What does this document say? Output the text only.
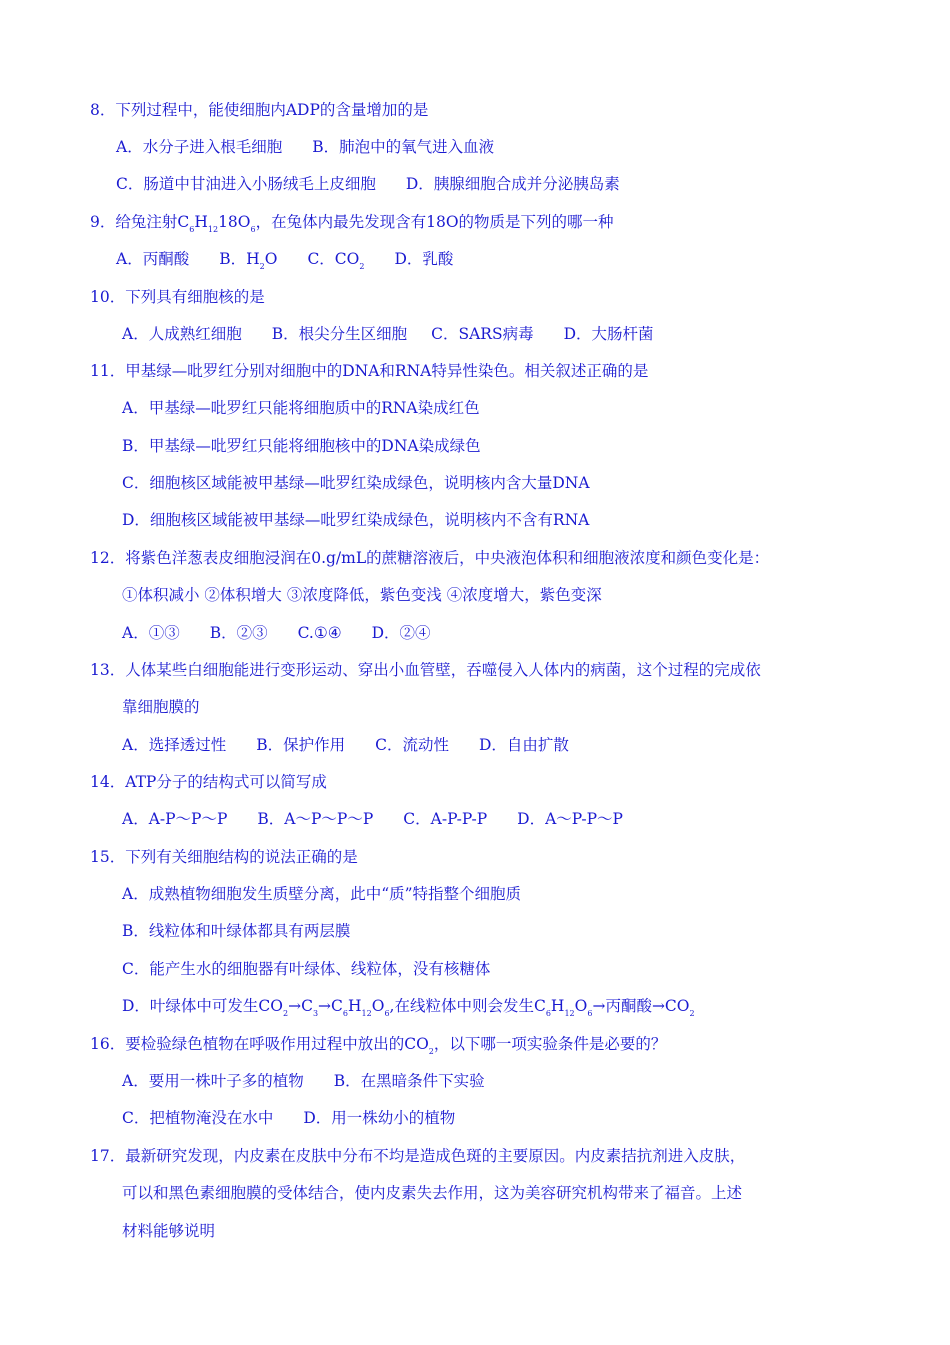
8．下列过程中，能使细胞内ADP的含量增加的是
A．水分子进入根毛细胞 B．肺泡中的氧气进入血液
C．肠道中甘油进入小肠绒毛上皮细胞 D．胰腺细胞合成并分泌胰岛素
9．给兔注射$C_6H_{12}18O_6$，在兔体内最先发现含有18O的物质是下列的哪一种
A．丙酮酸 B．$H_2O$ C．$CO_2$ D．乳酸
10．下列具有细胞核的是
A．人成熟红细胞 B．根尖分生区细胞 C．SARS病毒 D．大肠杆菌
11．甲基绿—吡罗红分别对细胞中的DNA和RNA特异性染色。相关叙述正确的是
A．甲基绿—吡罗红只能将细胞质中的RNA染成红色
B．甲基绿—吡罗红只能将细胞核中的DNA染成绿色
C．细胞核区域能被甲基绿—吡罗红染成绿色，说明核内含大量DNA
D．细胞核区域能被甲基绿—吡罗红染成绿色，说明核内不含有RNA
12．将紫色洋葱表皮细胞浸润在0.g/mL的蔗糖溶液后，中央液泡体积和细胞液浓度和颜色变化是：
①体积减小 ②体积增大 ③浓度降低，紫色变浅 ④浓度增大，紫色变深
A．①③ B．②③ C.①④ D．②④
13．人体某些白细胞能进行变形运动、穿出小血管壁，吞噬侵入人体内的病菌，这个过程的完成依
靠细胞膜的
A．选择透过性 B．保护作用 C．流动性 D．自由扩散
14．ATP分子的结构式可以简写成
A．A-P～P～P B．A～P～P～P C．A-P-P-P D．A～P-P～P
15．下列有关细胞结构的说法正确的是
A．成熟植物细胞发生质壁分离，此中“质”特指整个细胞质
B．线粒体和叶绿体都具有两层膜
C．能产生水的细胞器有叶绿体、线粒体，没有核糖体
D．叶绿体中可发生$CO_2\to C_3\to C_6H_{12}O_6$,在线粒体中则会发生$C_6H_{12}O_6\to$丙酮酸$\to CO_2$
16．要检验绿色植物在呼吸作用过程中放出的$CO_2$，以下哪一项实验条件是必要的？
A．要用一株叶子多的植物 B．在黑暗条件下实验
C．把植物淹没在水中 D．用一株幼小的植物
17．最新研究发现，内皮素在皮肤中分布不均是造成色斑的主要原因。内皮素拮抗剂进入皮肤，
可以和黑色素细胞膜的受体结合，使内皮素失去作用，这为美容研究机构带来了福音。上述
材料能够说明
